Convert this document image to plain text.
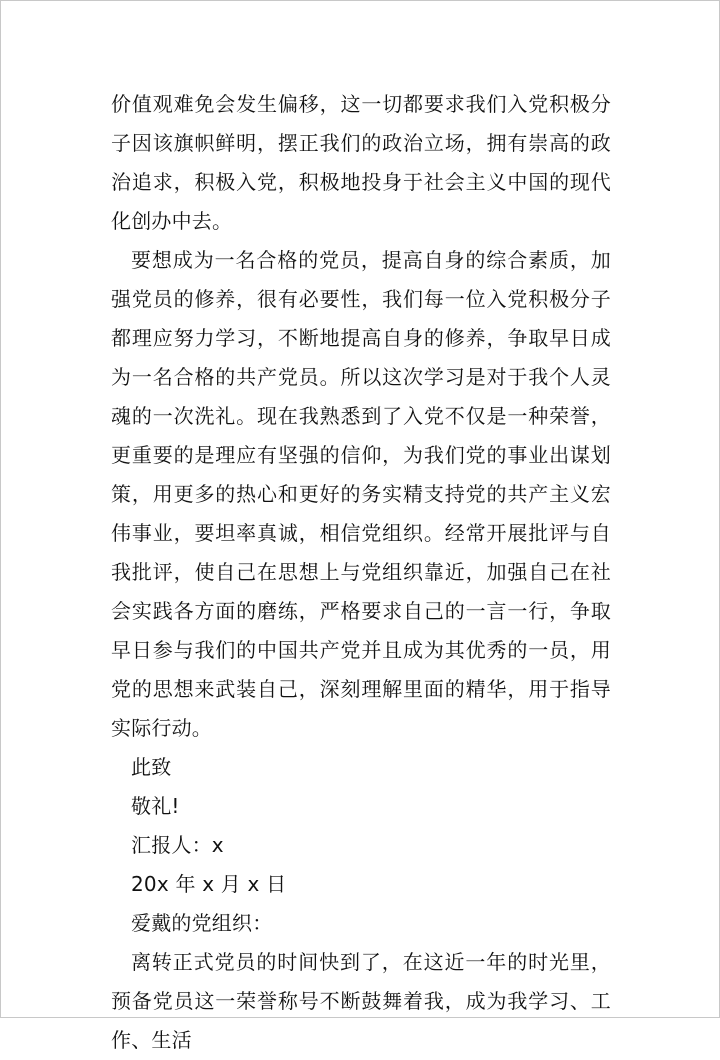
价值观难免会发生偏移，这一切都要求我们入党积极分子因该旗帜鲜明，摆正我们的政治立场，拥有崇高的政治追求，积极入党，积极地投身于社会主义中国的现代化创办中去。

要想成为一名合格的党员，提高自身的综合素质，加强党员的修养，很有必要性，我们每一位入党积极分子都理应努力学习，不断地提高自身的修养，争取早日成为一名合格的共产党员。所以这次学习是对于我个人灵魂的一次洗礼。现在我熟悉到了入党不仅是一种荣誉，更重要的是理应有坚强的信仰，为我们党的事业出谋划策，用更多的热心和更好的务实精支持党的共产主义宏伟事业，要坦率真诚，相信党组织。经常开展批评与自我批评，使自己在思想上与党组织靠近，加强自己在社会实践各方面的磨练，严格要求自己的一言一行，争取早日参与我们的中国共产党并且成为其优秀的一员，用党的思想来武装自己，深刻理解里面的精华，用于指导实际行动。

此致

敬礼!

汇报人：x

20x 年 x 月 x 日

爱戴的党组织：

离转正式党员的时间快到了，在这近一年的时光里，预备党员这一荣誉称号不断鼓舞着我，成为我学习、工作、生活
